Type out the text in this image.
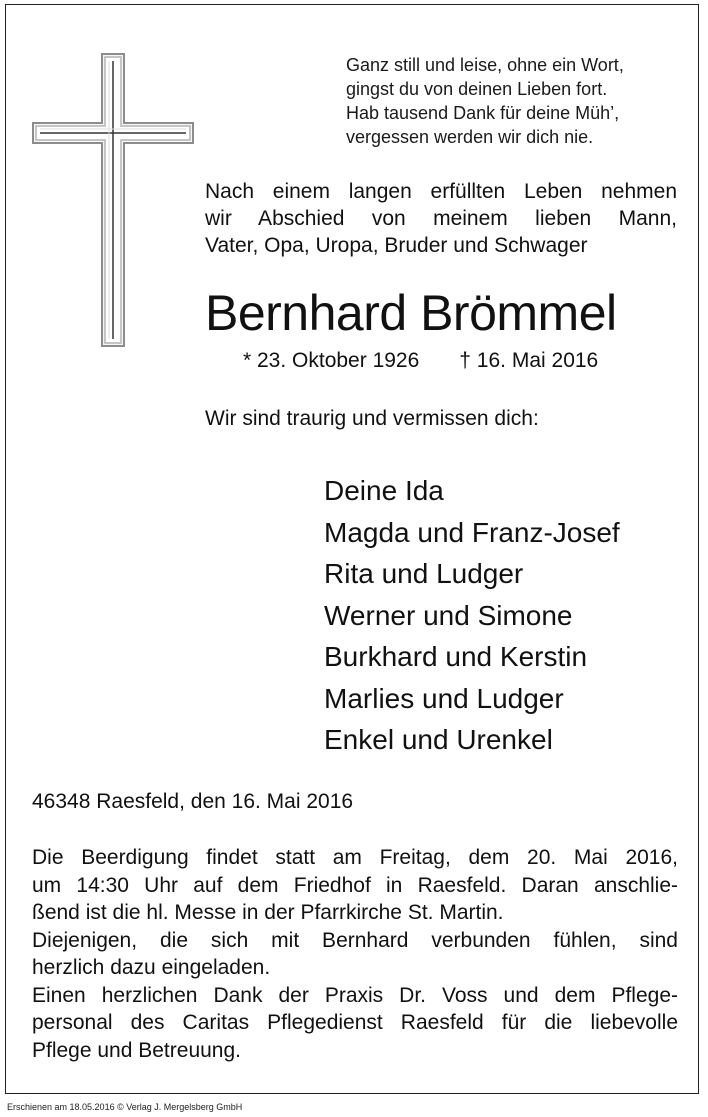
Ganz still und leise, ohne ein Wort,
gingst du von deinen Lieben fort.
Hab tausend Dank für deine Müh’,
vergessen werden wir dich nie.
Nach einem langen erfüllten Leben nehmen
wir Abschied von meinem lieben Mann,
Vater, Opa, Uropa, Bruder und Schwager
Bernhard Brömmel
* 23. Oktober 1926 † 16. Mai 2016
Wir sind traurig und vermissen dich:
Deine Ida
Magda und Franz-Josef
Rita und Ludger
Werner und Simone
Burkhard und Kerstin
Marlies und Ludger
Enkel und Urenkel
46348 Raesfeld, den 16. Mai 2016
Die Beerdigung findet statt am Freitag, dem 20. Mai 2016,
um 14:30 Uhr auf dem Friedhof in Raesfeld. Daran anschlie-
ßend ist die hl. Messe in der Pfarrkirche St. Martin.
Diejenigen, die sich mit Bernhard verbunden fühlen, sind
herzlich dazu eingeladen.
Einen herzlichen Dank der Praxis Dr. Voss und dem Pflege-
personal des Caritas Pflegedienst Raesfeld für die liebevolle
Pflege und Betreuung.
Erschienen am 18.05.2016 © Verlag J. Mergelsberg GmbH
